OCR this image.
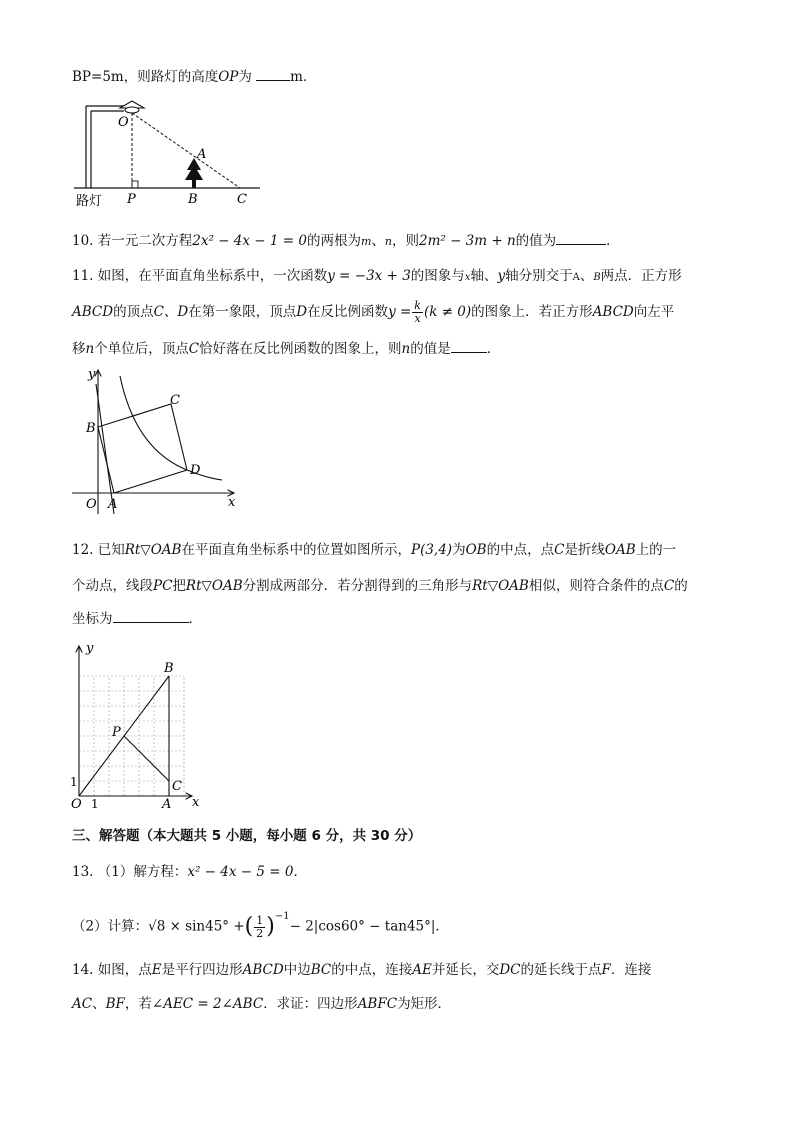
BP=5m，则路灯的高度OP为	m．
O
A
P	B	C
路灯
10. 若一元二次方程2x² − 4x − 1 = 0的两根为m、n，则2m² − 3m + n的值为	．
11. 如图，在平面直角坐标系中，一次函数y = −3x + 3的图象与x轴、y轴分别交于A、B两点．正方形
ABCD的顶点C、D在第一象限，顶点D在反比例函数$y = \frac{k}{x} (k \ne 0)$的图象上．若正方形ABCD向左平
移n个单位后，顶点C恰好落在反比例函数的图象上，则n的值是	．
y
x
B
C
D
O A
12. 已知Rt▽OAB在平面直角坐标系中的位置如图所示，P(3,4)为OB的中点，点C是折线OAB上的一
个动点，线段PC把Rt▽OAB分割成两部分．若分割得到的三角形与Rt▽OAB相似，则符合条件的点C的
坐标为	．
y
x
B
P
C
O	A
1
1
三、解答题（本大题共 5 小题，每小题 6 分，共 30 分）
13. （1）解方程：x² − 4x − 5 = 0．
（2）计算：√8 × sin45° +( $\frac{1}{2} )^{-1}- 2|\cos 60^\circ - \tan 45^\circ|$．
14. 如图，点E是平行四边形ABCD中边BC的中点，连接AE并延长，交DC的延长线于点F．连接
AC、BF，若∠AEC = 2∠ABC．求证：四边形ABFC为矩形．
